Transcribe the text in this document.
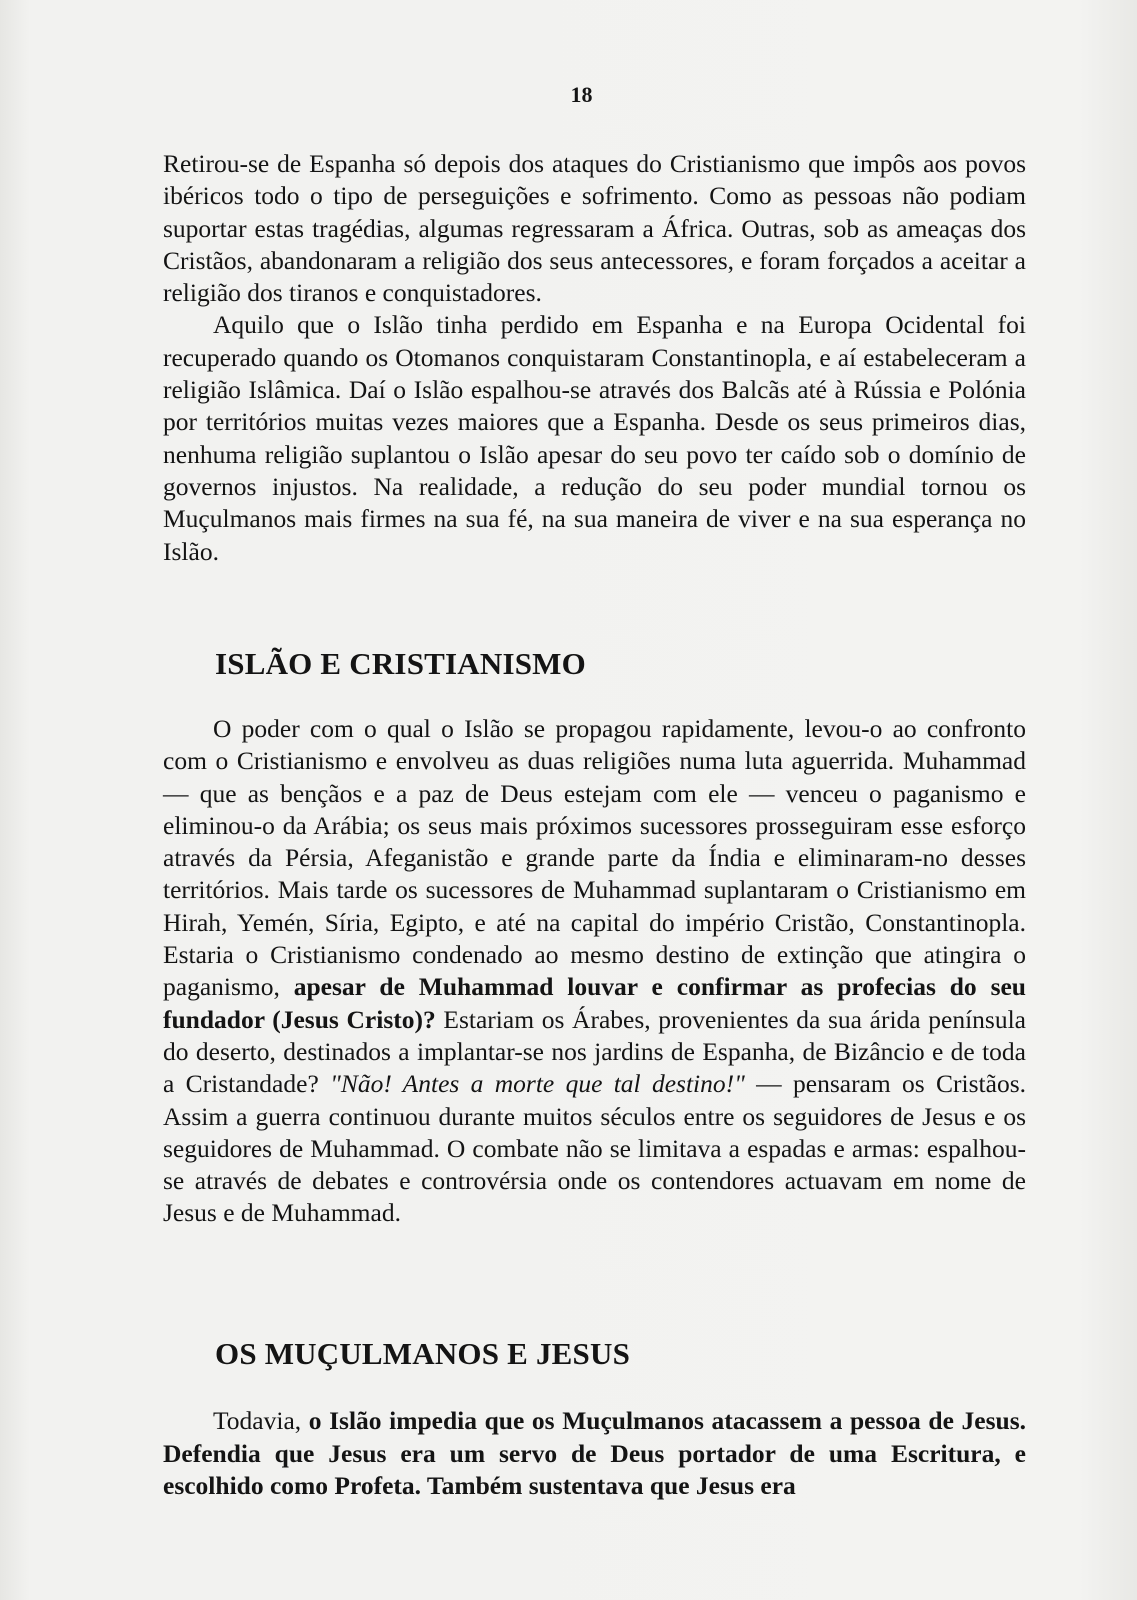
18

Retirou-se de Espanha só depois dos ataques do Cristianismo que impôs aos povos ibéricos todo o tipo de perseguições e sofrimento. Como as pessoas não podiam suportar estas tragédias, algumas regressaram a África. Outras, sob as ameaças dos Cristãos, abandonaram a religião dos seus antecessores, e foram forçados a aceitar a religião dos tiranos e conquistadores.

Aquilo que o Islão tinha perdido em Espanha e na Europa Ocidental foi recuperado quando os Otomanos conquistaram Constantinopla, e aí estabeleceram a religião Islâmica. Daí o Islão espalhou-se através dos Balcãs até à Rússia e Polónia por territórios muitas vezes maiores que a Espanha. Desde os seus primeiros dias, nenhuma religião suplantou o Islão apesar do seu povo ter caído sob o domínio de governos injustos. Na realidade, a redução do seu poder mundial tornou os Muçulmanos mais firmes na sua fé, na sua maneira de viver e na sua esperança no Islão.

ISLÃO E CRISTIANISMO

O poder com o qual o Islão se propagou rapidamente, levou-o ao confronto com o Cristianismo e envolveu as duas religiões numa luta aguerrida. Muhammad — que as bençãos e a paz de Deus estejam com ele — venceu o paganismo e eliminou-o da Arábia; os seus mais próximos sucessores prosseguiram esse esforço através da Pérsia, Afeganistão e grande parte da Índia e eliminaram-no desses territórios. Mais tarde os sucessores de Muhammad suplantaram o Cristianismo em Hirah, Yemén, Síria, Egipto, e até na capital do império Cristão, Constantinopla. Estaria o Cristianismo condenado ao mesmo destino de extinção que atingira o paganismo, apesar de Muhammad louvar e confirmar as profecias do seu fundador (Jesus Cristo)? Estariam os Árabes, provenientes da sua árida península do deserto, destinados a implantar-se nos jardins de Espanha, de Bizâncio e de toda a Cristandade? "Não! Antes a morte que tal destino!" — pensaram os Cristãos. Assim a guerra continuou durante muitos séculos entre os seguidores de Jesus e os seguidores de Muhammad. O combate não se limitava a espadas e armas: espalhou-se através de debates e controvérsia onde os contendores actuavam em nome de Jesus e de Muhammad.

OS MUÇULMANOS E JESUS

Todavia, o Islão impedia que os Muçulmanos atacassem a pessoa de Jesus. Defendia que Jesus era um servo de Deus portador de uma Escritura, e escolhido como Profeta. Também sustentava que Jesus era
